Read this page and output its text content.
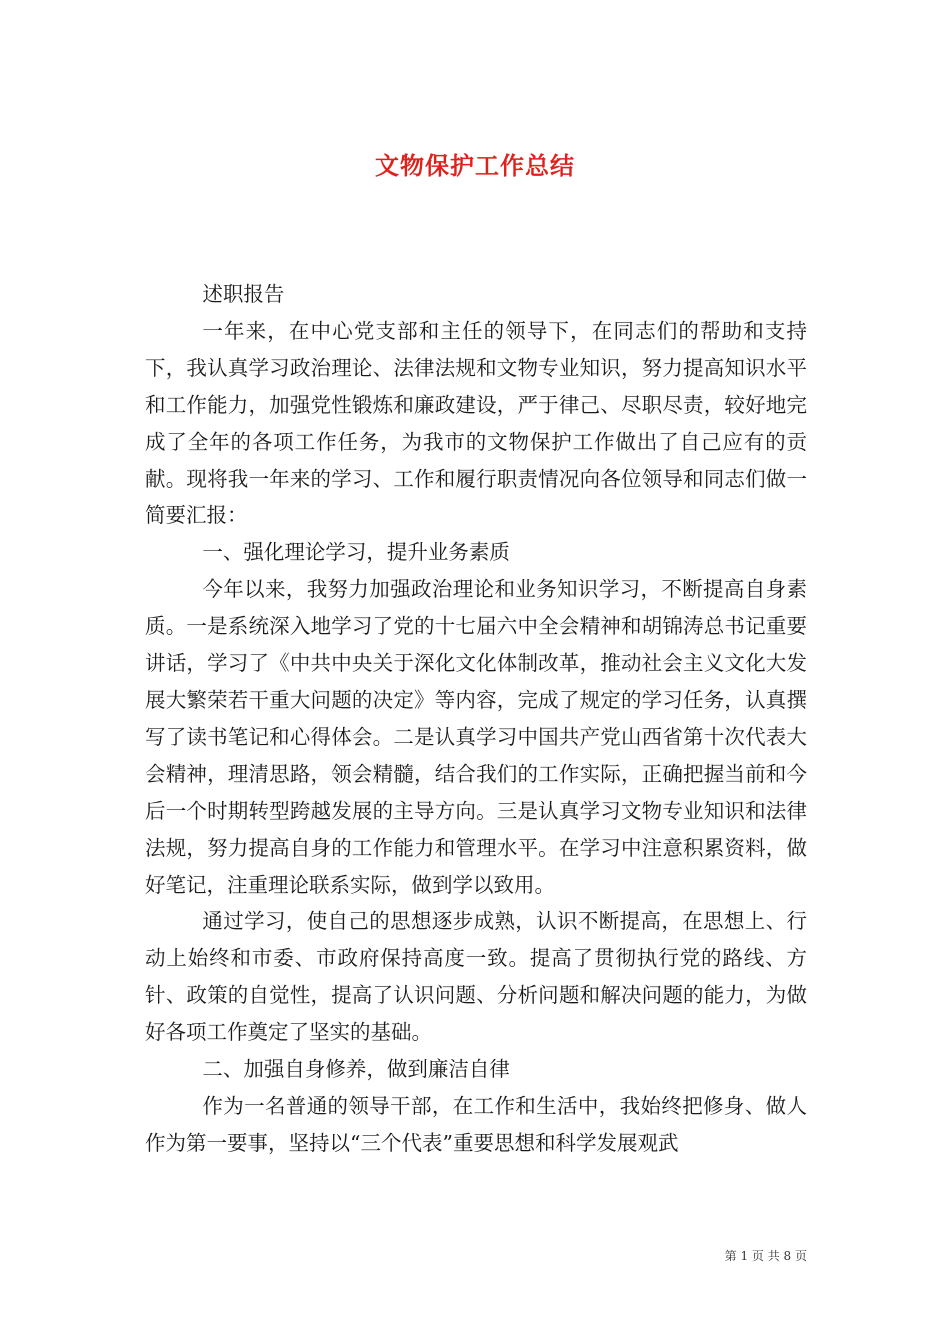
文物保护工作总结

述职报告

一年来，在中心党支部和主任的领导下，在同志们的帮助和支持下，我认真学习政治理论、法律法规和文物专业知识，努力提高知识水平和工作能力，加强党性锻炼和廉政建设，严于律己、尽职尽责，较好地完成了全年的各项工作任务，为我市的文物保护工作做出了自己应有的贡献。现将我一年来的学习、工作和履行职责情况向各位领导和同志们做一简要汇报：

一、强化理论学习，提升业务素质

今年以来，我努力加强政治理论和业务知识学习，不断提高自身素质。一是系统深入地学习了党的十七届六中全会精神和胡锦涛总书记重要讲话，学习了《中共中央关于深化文化体制改革，推动社会主义文化大发展大繁荣若干重大问题的决定》等内容，完成了规定的学习任务，认真撰写了读书笔记和心得体会。二是认真学习中国共产党山西省第十次代表大会精神，理清思路，领会精髓，结合我们的工作实际，正确把握当前和今后一个时期转型跨越发展的主导方向。三是认真学习文物专业知识和法律法规，努力提高自身的工作能力和管理水平。在学习中注意积累资料，做好笔记，注重理论联系实际，做到学以致用。

通过学习，使自己的思想逐步成熟，认识不断提高，在思想上、行动上始终和市委、市政府保持高度一致。提高了贯彻执行党的路线、方针、政策的自觉性，提高了认识问题、分析问题和解决问题的能力，为做好各项工作奠定了坚实的基础。

二、加强自身修养，做到廉洁自律

作为一名普通的领导干部，在工作和生活中，我始终把修身、做人作为第一要事，坚持以“三个代表”重要思想和科学发展观武

第 1 页 共 8 页
